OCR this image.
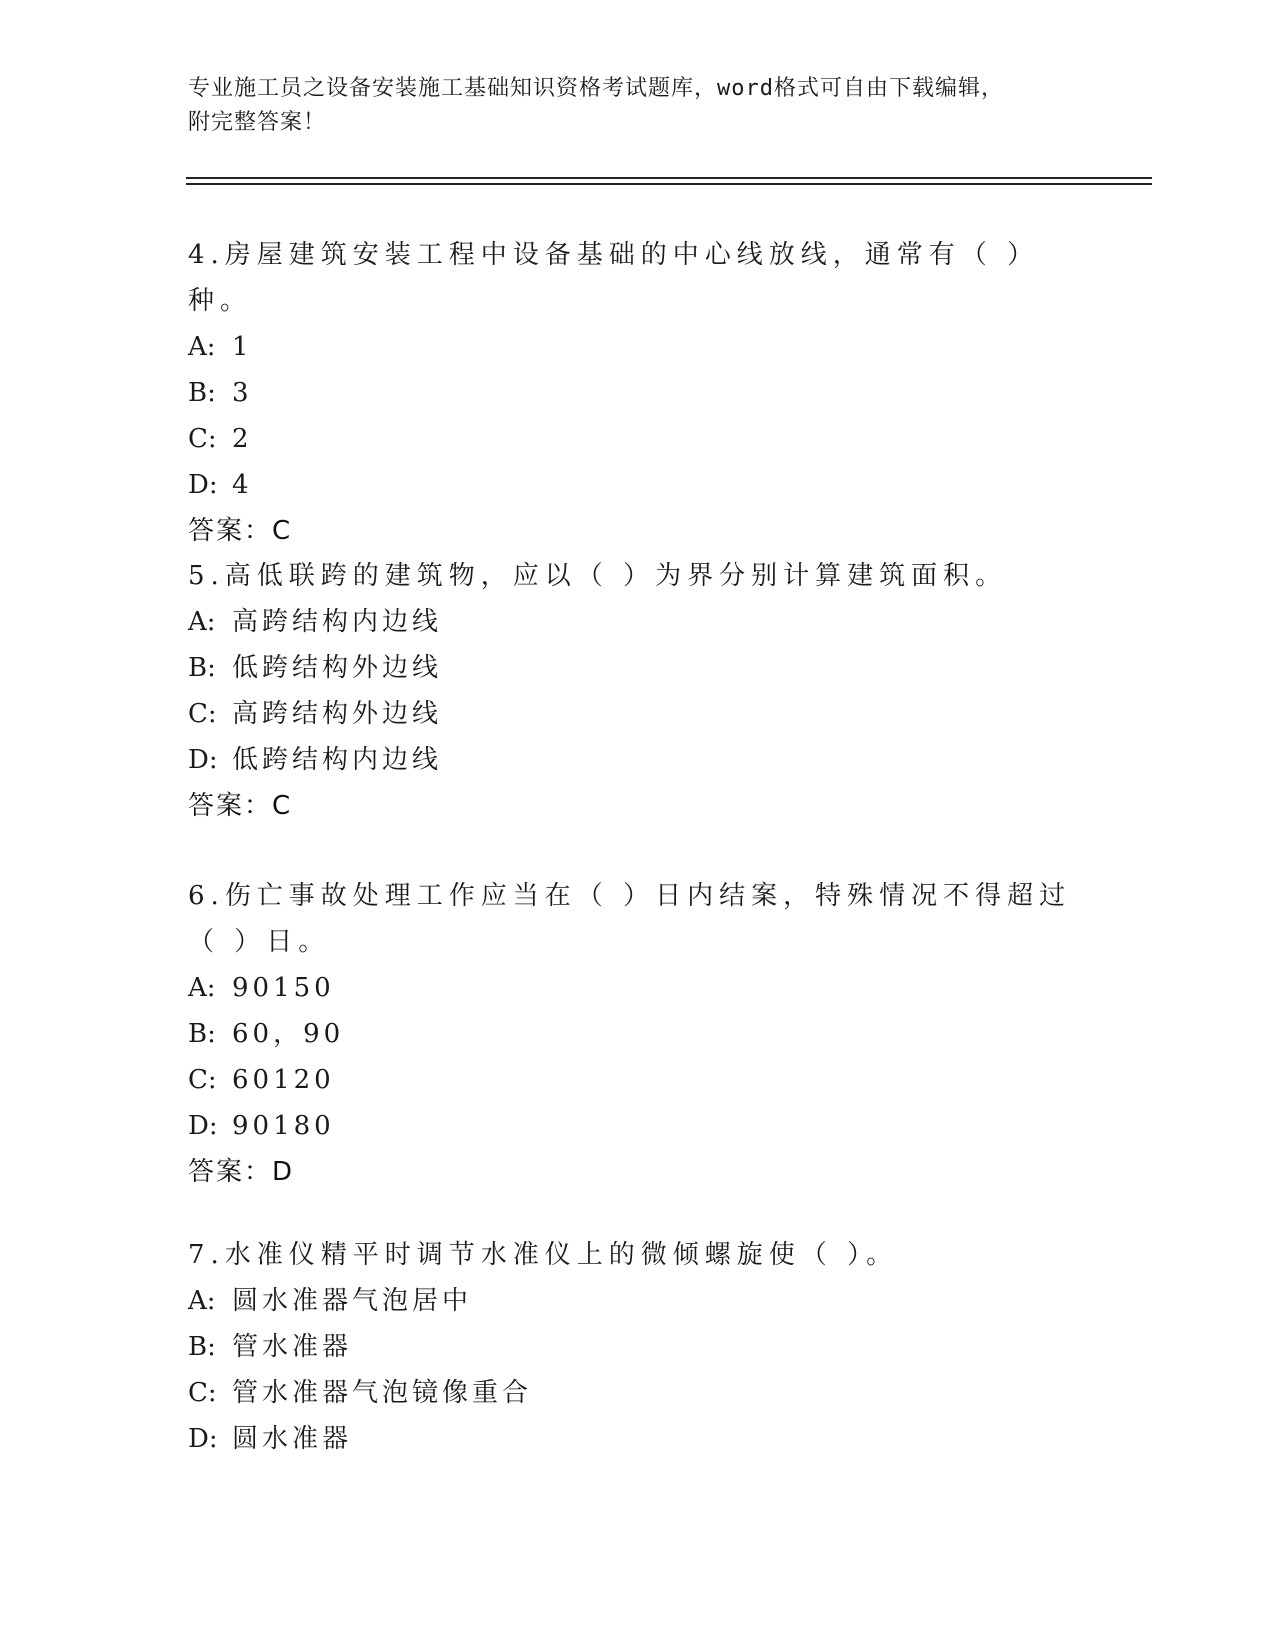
专业施工员之设备安装施工基础知识资格考试题库，word格式可自由下载编辑，
附完整答案！

4.房屋建筑安装工程中设备基础的中心线放线，通常有（ ）种。

A: 1
B: 3
C: 2
D: 4
答案：C

5.高低联跨的建筑物，应以（ ）为界分别计算建筑面积。

A: 高跨结构内边线
B: 低跨结构外边线
C: 高跨结构外边线
D: 低跨结构内边线
答案：C

6.伤亡事故处理工作应当在（ ）日内结案，特殊情况不得超过（ ）日。

A: 90150
B: 60，90
C: 60120
D: 90180
答案：D

7.水准仪精平时调节水准仪上的微倾螺旋使（ ）。

A: 圆水准器气泡居中
B: 管水准器
C: 管水准器气泡镜像重合
D: 圆水准器
